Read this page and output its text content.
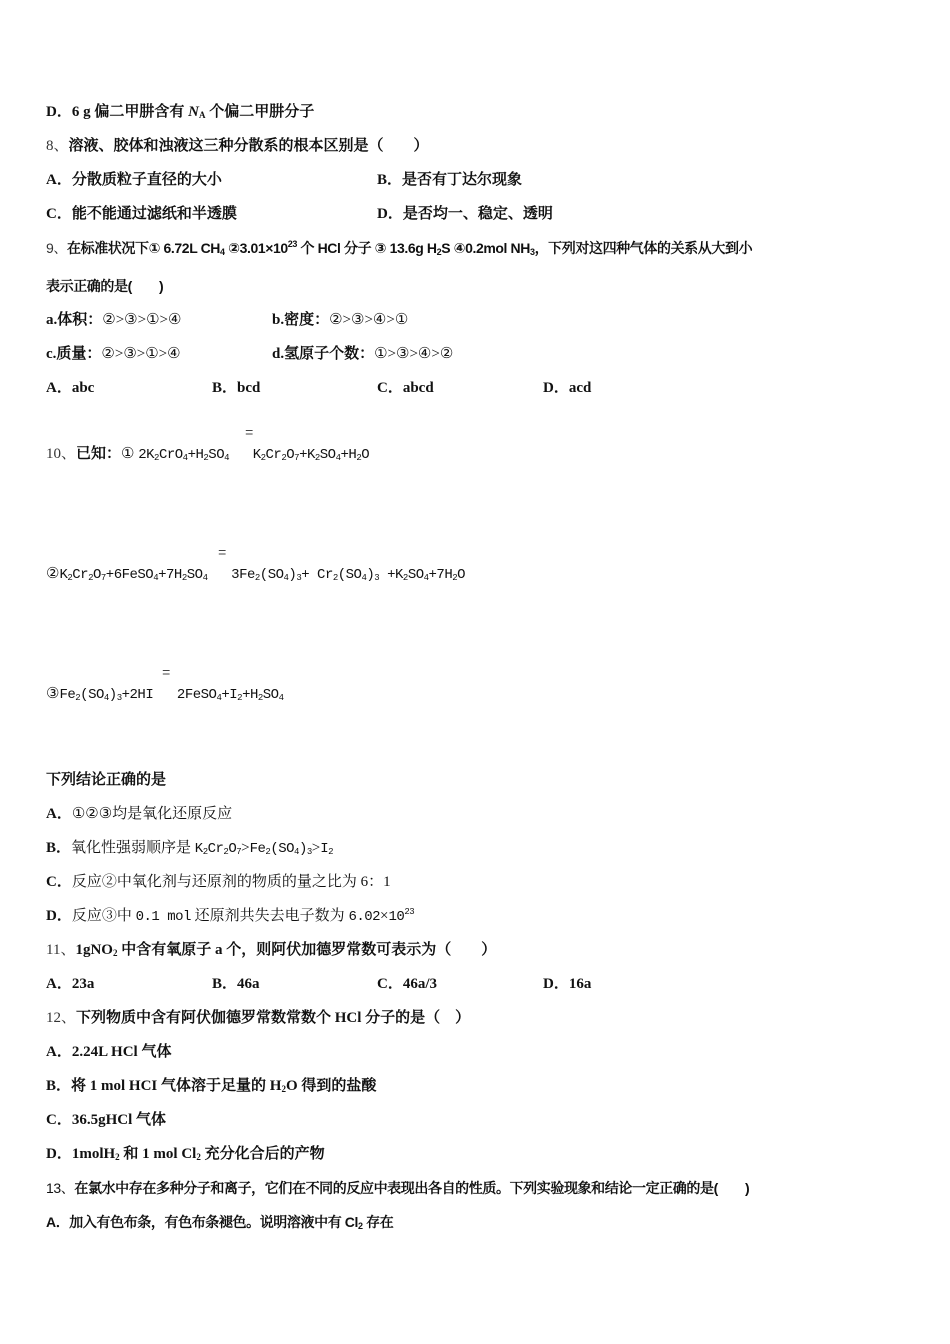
D．6 g 偏二甲肼含有 $N_A$ 个偏二甲肼分子
8、溶液、胶体和浊液这三种分散系的根本区别是（　　）
A．分散质粒子直径的大小	B．是否有丁达尔现象
C．能不能通过滤纸和半透膜	D．是否均一、稳定、透明
9、在标准状况下① 6.72L $CH_4$ $②3.01\times 10^{23}$ 个 HCl 分子 ③ 13.6g $H_2S$ ④0.2mol $NH_3$，下列对这四种气体的关系从大到小
表示正确的是(　　)
a.体积：②>③>①>④	b.密度：②>③>④>①
c.质量：②>③>①>④	d.氢原子个数：①>③>④>②
A．abc	B．bcd	C．abcd	D．acd
=
10、已知：① $2K_2CrO_4+H_2SO_4$   $K_2Cr_2O_7+K_2SO_4+H_2O$
=
$②K_2Cr_2O_7+6FeSO_4+7H_2SO_4$   $3Fe_2(SO_4)_3+ Cr_2(SO_4)_3 +K_2SO_4+7H_2O$
=
$③Fe_2(SO_4)_3+2HI$   $2FeSO_4+I_2+H_2SO_4$
下列结论正确的是
A．①②③均是氧化还原反应
B．氧化性强弱顺序是 $K_2Cr_2O_7>Fe_2(SO_4)_3>I_2$
C．反应②中氧化剂与还原剂的物质的量之比为 6：1
D．反应③中 0.1 mol 还原剂共失去电子数为 $6.02\times 10^{23}$
11、1gNO$_2$ 中含有氧原子 a 个，则阿伏加德罗常数可表示为（　　）
A．23a	B．46a	C．46a/3	D．16a
12、下列物质中含有阿伏伽德罗常数常数个 HCl 分子的是（　）
A．2.24L HCl 气体
B．将 1 mol HCI 气体溶于足量的 $H_2O$ 得到的盐酸
C．36.5gHCl 气体
D．1molH$_2$ 和 1 mol $Cl_2$ 充分化合后的产物
13、在氯水中存在多种分子和离子，它们在不同的反应中表现出各自的性质。下列实验现象和结论一定正确的是(　　)
A．加入有色布条，有色布条褪色。说明溶液中有 $Cl_2$ 存在
